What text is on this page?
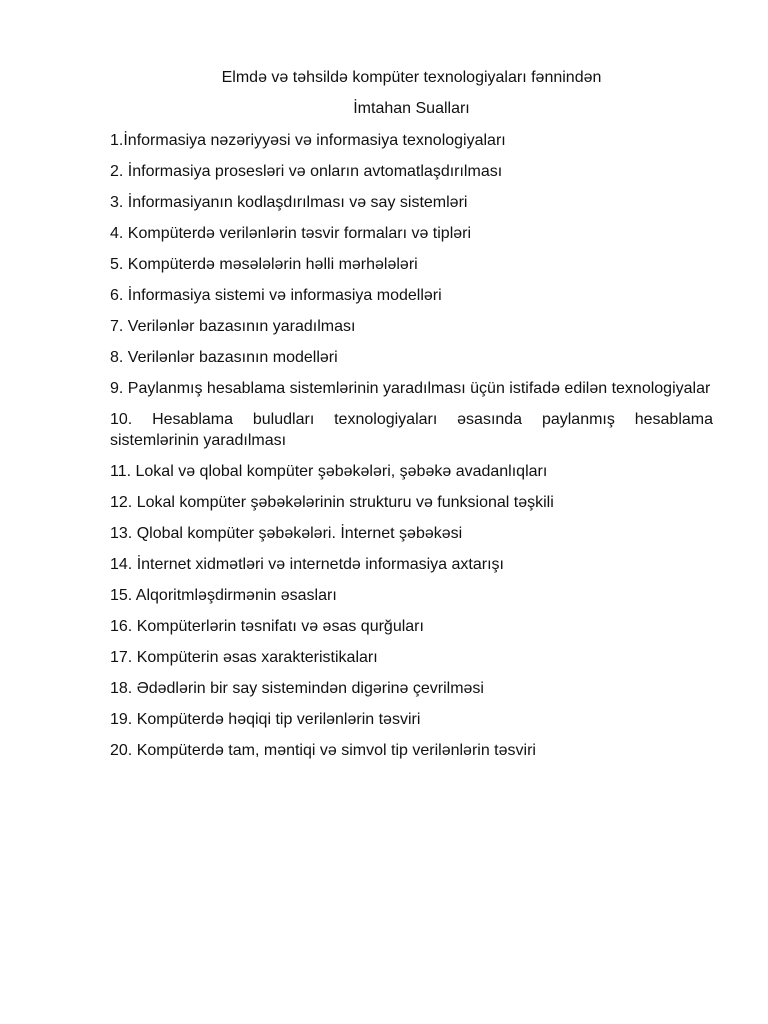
Elmdə və təhsildə kompüter texnologiyaları fənnindən
İmtahan Sualları
1.İnformasiya nəzəriyyəsi və informasiya texnologiyaları
2. İnformasiya prosesləri və onların avtomatlaşdırılması
3. İnformasiyanın kodlaşdırılması və say sistemləri
4. Kompüterdə verilənlərin təsvir formaları və tipləri
5. Kompüterdə məsələlərin həlli mərhələləri
6. İnformasiya sistemi və informasiya modelləri
7. Verilənlər bazasının yaradılması
8. Verilənlər bazasının modelləri
9. Paylanmış hesablama sistemlərinin yaradılması üçün istifadə edilən texnologiyalar
10. Hesablama buludları texnologiyaları əsasında paylanmış hesablama sistemlərinin yaradılması
11. Lokal və qlobal kompüter şəbəkələri, şəbəkə avadanlıqları
12. Lokal kompüter şəbəkələrinin strukturu və funksional təşkili
13. Qlobal kompüter şəbəkələri. İnternet şəbəkəsi
14. İnternet xidmətləri və internetdə informasiya axtarışı
15. Alqoritmləşdirmənin əsasları
16. Kompüterlərin təsnifatı və əsas qurğuları
17. Kompüterin əsas xarakteristikaları
18. Ədədlərin bir say sistemindən digərinə çevrilməsi
19. Kompüterdə həqiqi tip verilənlərin təsviri
20. Kompüterdə tam, məntiqi və simvol tip verilənlərin təsviri
